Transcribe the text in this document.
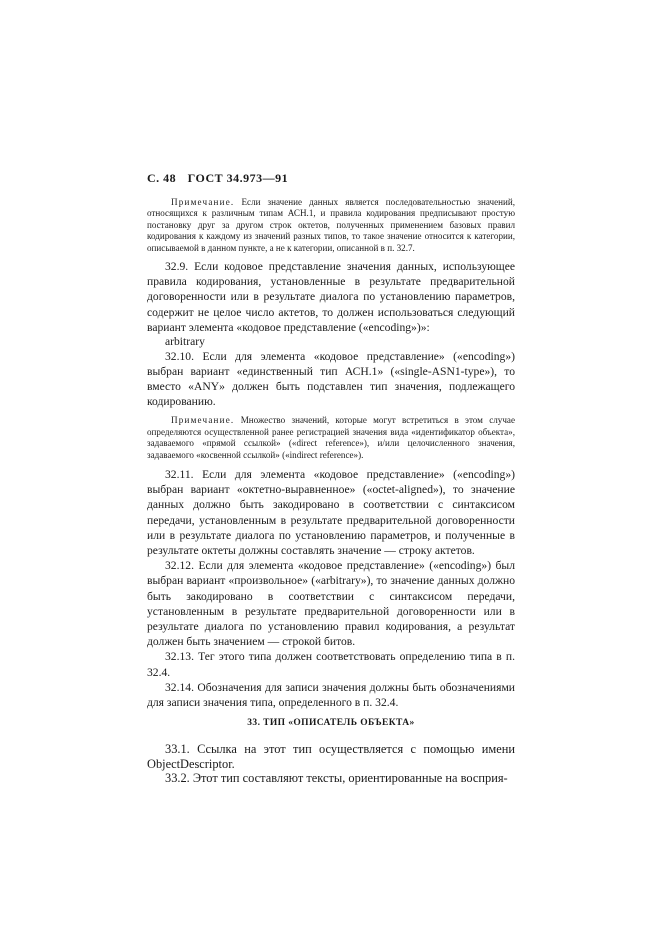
С. 48 ГОСТ 34.973—91

Примечание. Если значение данных является последовательностью значений, относящихся к различным типам АСН.1, и правила кодирования предписывают простую постановку друг за другом строк октетов, полученных применением базовых правил кодирования к каждому из значений разных типов, то такое значение относится к категории, описываемой в данном пункте, а не к категории, описанной в п. 32.7.

32.9. Если кодовое представление значения данных, использующее правила кодирования, установленные в результате предварительной договоренности или в результате диалога по установлению параметров, содержит не целое число актетов, то должен использоваться следующий вариант элемента «кодовое представление («encoding»)»:

arbitrary

32.10. Если для элемента «кодовое представление» («encoding») выбран вариант «единственный тип АСН.1» («single-ASN1-type»), то вместо «ANY» должен быть подставлен тип значения, подлежащего кодированию.

Примечание. Множество значений, которые могут встретиться в этом случае определяются осуществленной ранее регистрацией значения вида «идентификатор объекта», задаваемого «прямой ссылкой» («direct reference»), и/или целочисленного значения, задаваемого «косвенной ссылкой» («indirect reference»).

32.11. Если для элемента «кодовое представление» («encoding») выбран вариант «октетно-выравненное» («octet-aligned»), то значение данных должно быть закодировано в соответствии с синтаксисом передачи, установленным в результате предварительной договоренности или в результате диалога по установлению параметров, и полученные в результате октеты должны составлять значение — строку актетов.

32.12. Если для элемента «кодовое представление» («encoding») был выбран вариант «произвольное» («arbitrary»), то значение данных должно быть закодировано в соответствии с синтаксисом передачи, установленным в результате предварительной договоренности или в результате диалога по установлению правил кодирования, а результат должен быть значением — строкой битов.

32.13. Тег этого типа должен соответствовать определению типа в п. 32.4.

32.14. Обозначения для записи значения должны быть обозначениями для записи значения типа, определенного в п. 32.4.

33. ТИП «ОПИСАТЕЛЬ ОБЪЕКТА»

33.1. Ссылка на этот тип осуществляется с помощью имени ObjectDescriptor.

33.2. Этот тип составляют тексты, ориентированные на восприя-
